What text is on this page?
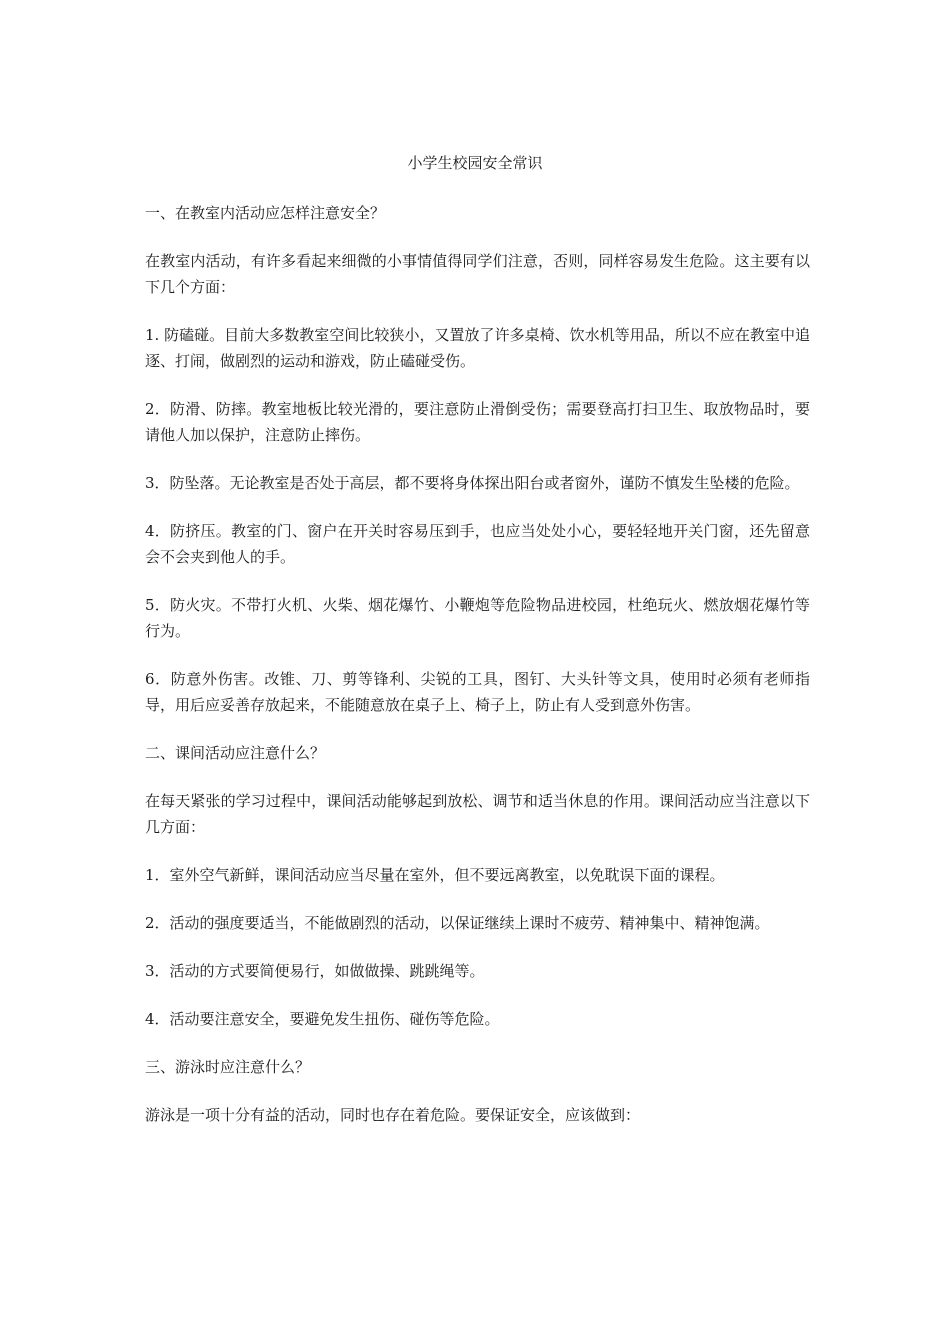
小学生校园安全常识

一、在教室内活动应怎样注意安全？

在教室内活动，有许多看起来细微的小事情值得同学们注意，否则，同样容易发生危险。这主要有以下几个方面：

1. 防磕碰。目前大多数教室空间比较狭小，又置放了许多桌椅、饮水机等用品，所以不应在教室中追逐、打闹，做剧烈的运动和游戏，防止磕碰受伤。

2．防滑、防摔。教室地板比较光滑的，要注意防止滑倒受伤；需要登高打扫卫生、取放物品时，要请他人加以保护，注意防止摔伤。

3．防坠落。无论教室是否处于高层，都不要将身体探出阳台或者窗外，谨防不慎发生坠楼的危险。

4．防挤压。教室的门、窗户在开关时容易压到手，也应当处处小心，要轻轻地开关门窗，还先留意会不会夹到他人的手。

5．防火灾。不带打火机、火柴、烟花爆竹、小鞭炮等危险物品进校园，杜绝玩火、燃放烟花爆竹等行为。

6．防意外伤害。改锥、刀、剪等锋利、尖锐的工具，图钉、大头针等文具，使用时必须有老师指导，用后应妥善存放起来，不能随意放在桌子上、椅子上，防止有人受到意外伤害。

二、课间活动应注意什么？

在每天紧张的学习过程中，课间活动能够起到放松、调节和适当休息的作用。课间活动应当注意以下几方面：

1．室外空气新鲜，课间活动应当尽量在室外，但不要远离教室，以免耽误下面的课程。

2．活动的强度要适当，不能做剧烈的活动，以保证继续上课时不疲劳、精神集中、精神饱满。

3．活动的方式要简便易行，如做做操、跳跳绳等。

4．活动要注意安全，要避免发生扭伤、碰伤等危险。

三、游泳时应注意什么？

游泳是一项十分有益的活动，同时也存在着危险。要保证安全，应该做到：
